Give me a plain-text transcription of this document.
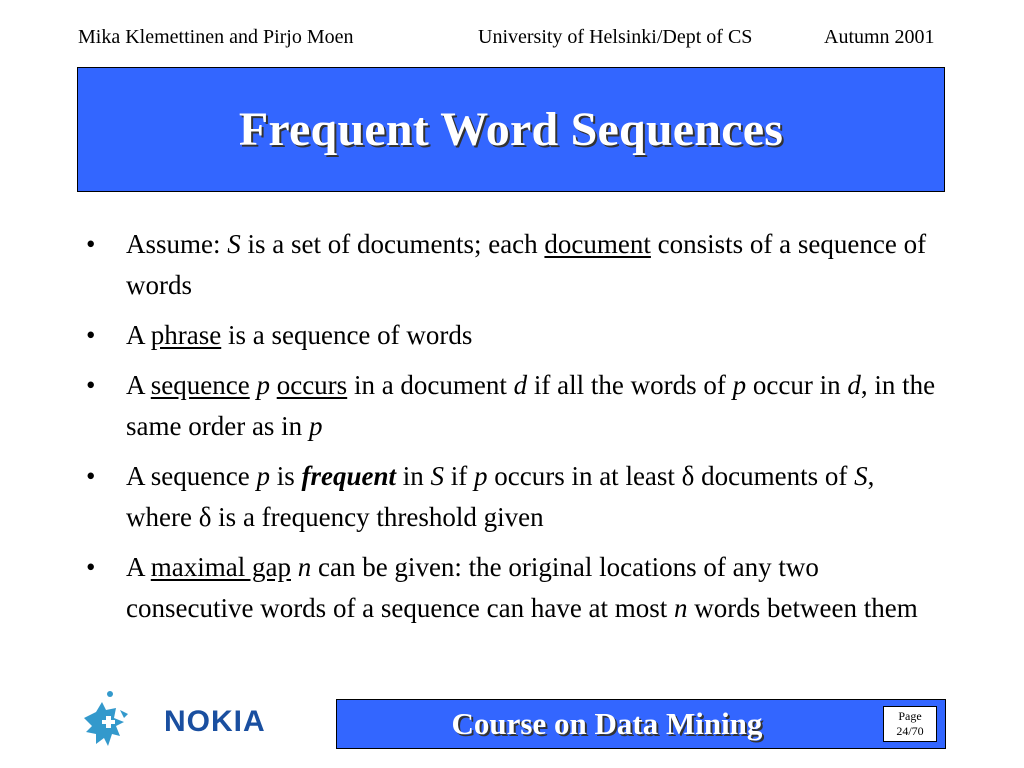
Mika Klemettinen and Pirjo Moen	University of Helsinki/Dept of CS	Autumn 2001
Frequent Word Sequences
• Assume: S is a set of documents; each document consists of a sequence of words
• A phrase is a sequence of words
• A sequence p occurs in a document d if all the words of p occur in d, in the same order as in p
• A sequence p is frequent in S if p occurs in at least δ documents of S, where δ is a frequency threshold given
• A maximal gap n can be given: the original locations of any two consecutive words of a sequence can have at most n words between them
NOKIA	Course on Data Mining	Page
24/70
